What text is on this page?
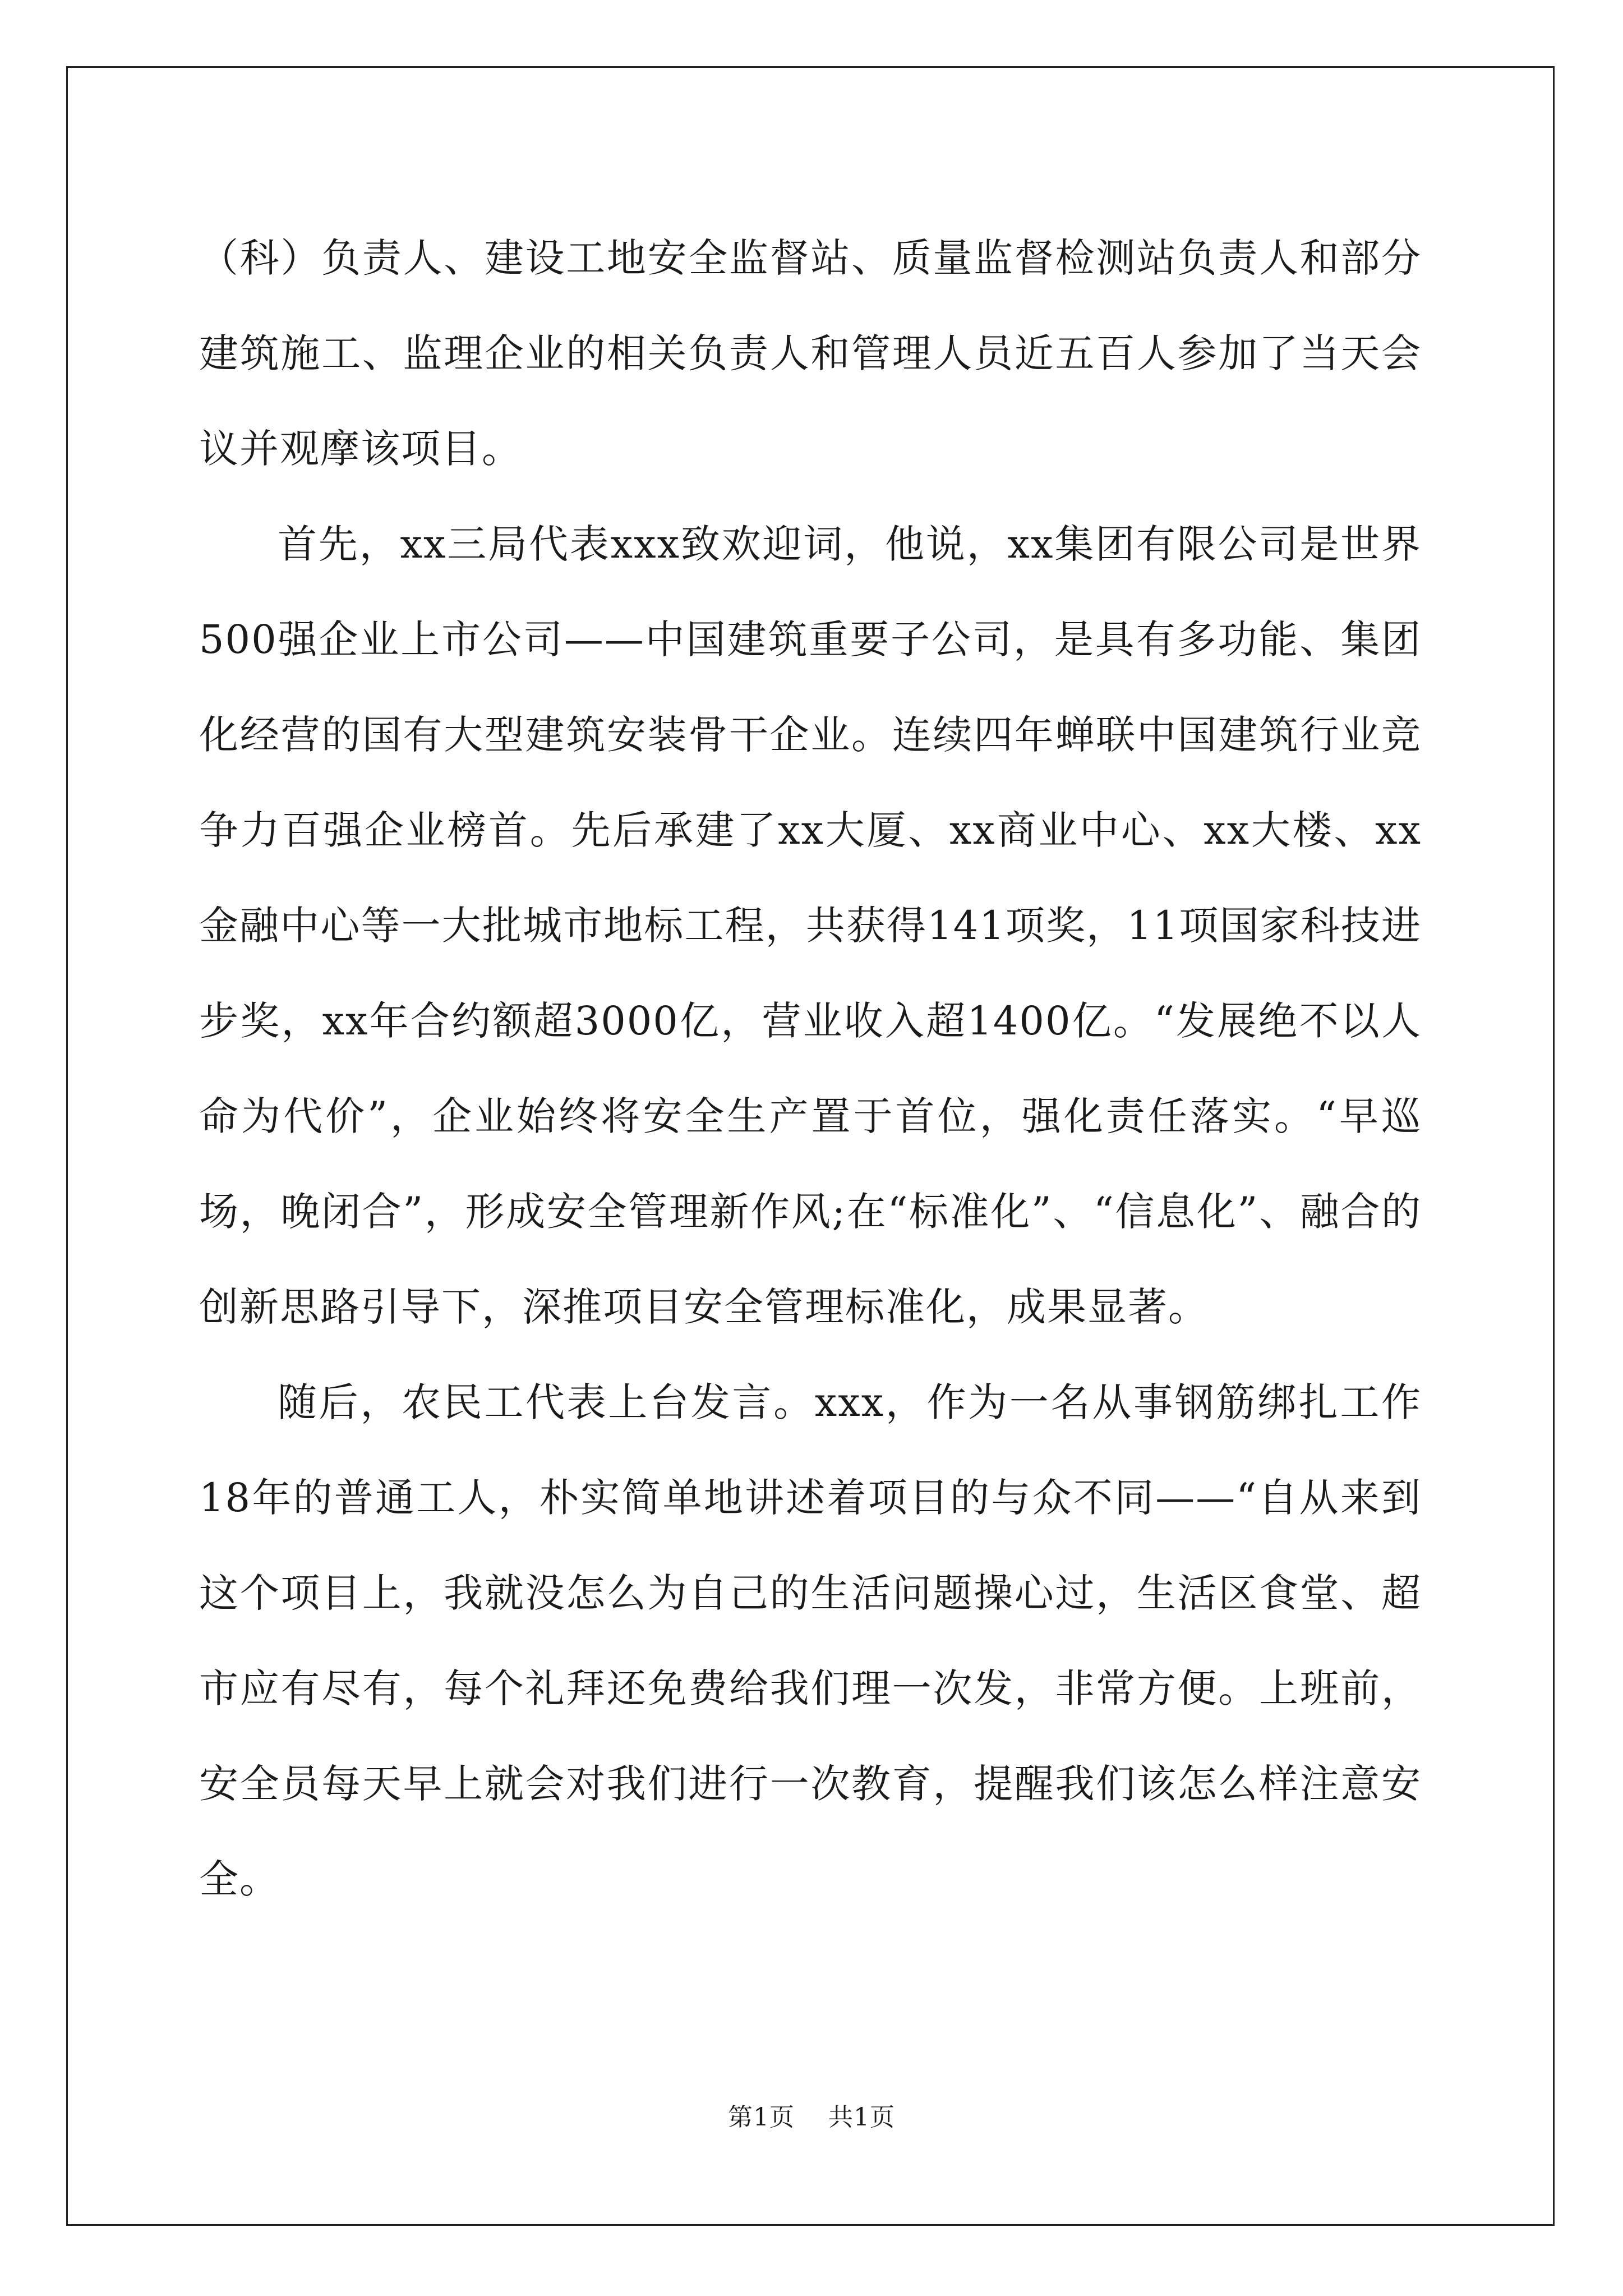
（科）负责人、建设工地安全监督站、质量监督检测站负责人和部分建筑施工、监理企业的相关负责人和管理人员近五百人参加了当天会议并观摩该项目。

首先，xx三局代表xxx致欢迎词，他说，xx集团有限公司是世界500强企业上市公司——中国建筑重要子公司，是具有多功能、集团化经营的国有大型建筑安装骨干企业。连续四年蝉联中国建筑行业竞争力百强企业榜首。先后承建了xx大厦、xx商业中心、xx大楼、xx金融中心等一大批城市地标工程，共获得141项奖，11项国家科技进步奖，xx年合约额超3000亿，营业收入超1400亿。“发展绝不以人命为代价”，企业始终将安全生产置于首位，强化责任落实。“早巡场，晚闭合”，形成安全管理新作风;在“标准化”、“信息化”、融合的创新思路引导下，深推项目安全管理标准化，成果显著。

随后，农民工代表上台发言。xxx，作为一名从事钢筋绑扎工作18年的普通工人，朴实简单地讲述着项目的与众不同——“自从来到这个项目上，我就没怎么为自己的生活问题操心过，生活区食堂、超市应有尽有，每个礼拜还免费给我们理一次发，非常方便。上班前，安全员每天早上就会对我们进行一次教育，提醒我们该怎么样注意安全。

第1页 共1页
